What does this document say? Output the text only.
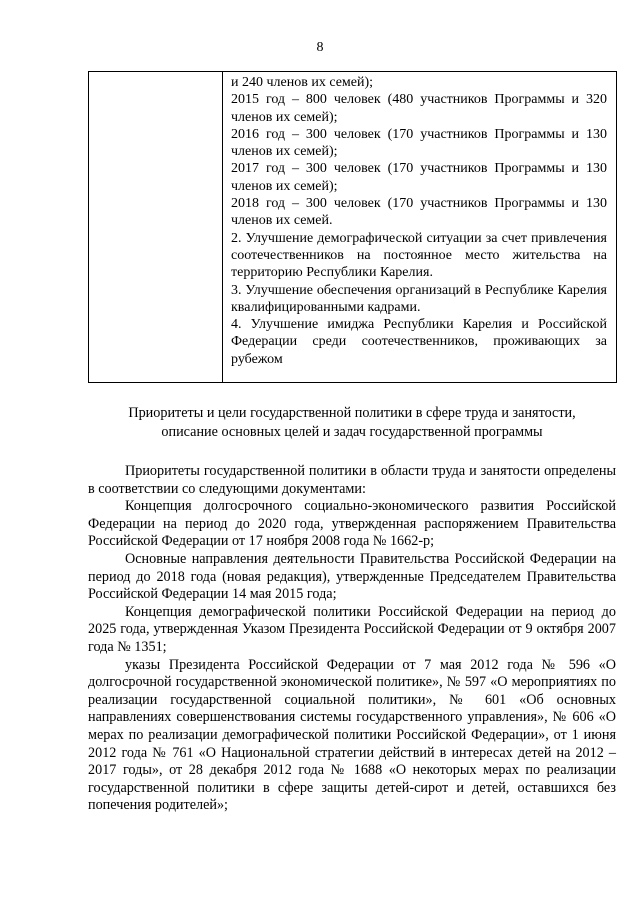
8

и 240 членов их семей);
2015 год – 800 человек (480 участников Программы и 320 членов их семей);
2016 год – 300 человек (170 участников Программы и 130 членов их семей);
2017 год – 300 человек (170 участников Программы и 130 членов их семей);
2018 год – 300 человек (170 участников Программы и 130 членов их семей.
2. Улучшение демографической ситуации за счет привлечения соотечественников на постоянное место жительства на территорию Республики Карелия.
3. Улучшение обеспечения организаций в Республике Карелия квалифицированными кадрами.
4. Улучшение имиджа Республики Карелия и Российской Федерации среди соотечественников, проживающих за рубежом
Приоритеты и цели государственной политики в сфере труда и занятости,
описание основных целей и задач государственной программы

Приоритеты государственной политики в области труда и занятости определены в соответствии со следующими документами:

Концепция долгосрочного социально-экономического развития Российской Федерации на период до 2020 года, утвержденная распоряжением Правительства Российской Федерации от 17 ноября 2008 года № 1662-р;

Основные направления деятельности Правительства Российской Федерации на период до 2018 года (новая редакция), утвержденные Председателем Правительства Российской Федерации 14 мая 2015 года;

Концепция демографической политики Российской Федерации на период до 2025 года, утвержденная Указом Президента Российской Федерации от 9 октября 2007 года № 1351;

указы Президента Российской Федерации от 7 мая 2012 года № 596 «О долгосрочной государственной экономической политике», № 597 «О мероприятиях по реализации государственной социальной политики», № 601 «Об основных направлениях совершенствования системы государственного управления», № 606 «О мерах по реализации демографической политики Российской Федерации», от 1 июня 2012 года № 761 «О Национальной стратегии действий в интересах детей на 2012 – 2017 годы», от 28 декабря 2012 года № 1688 «О некоторых мерах по реализации государственной политики в сфере защиты детей-сирот и детей, оставшихся без попечения родителей»;
